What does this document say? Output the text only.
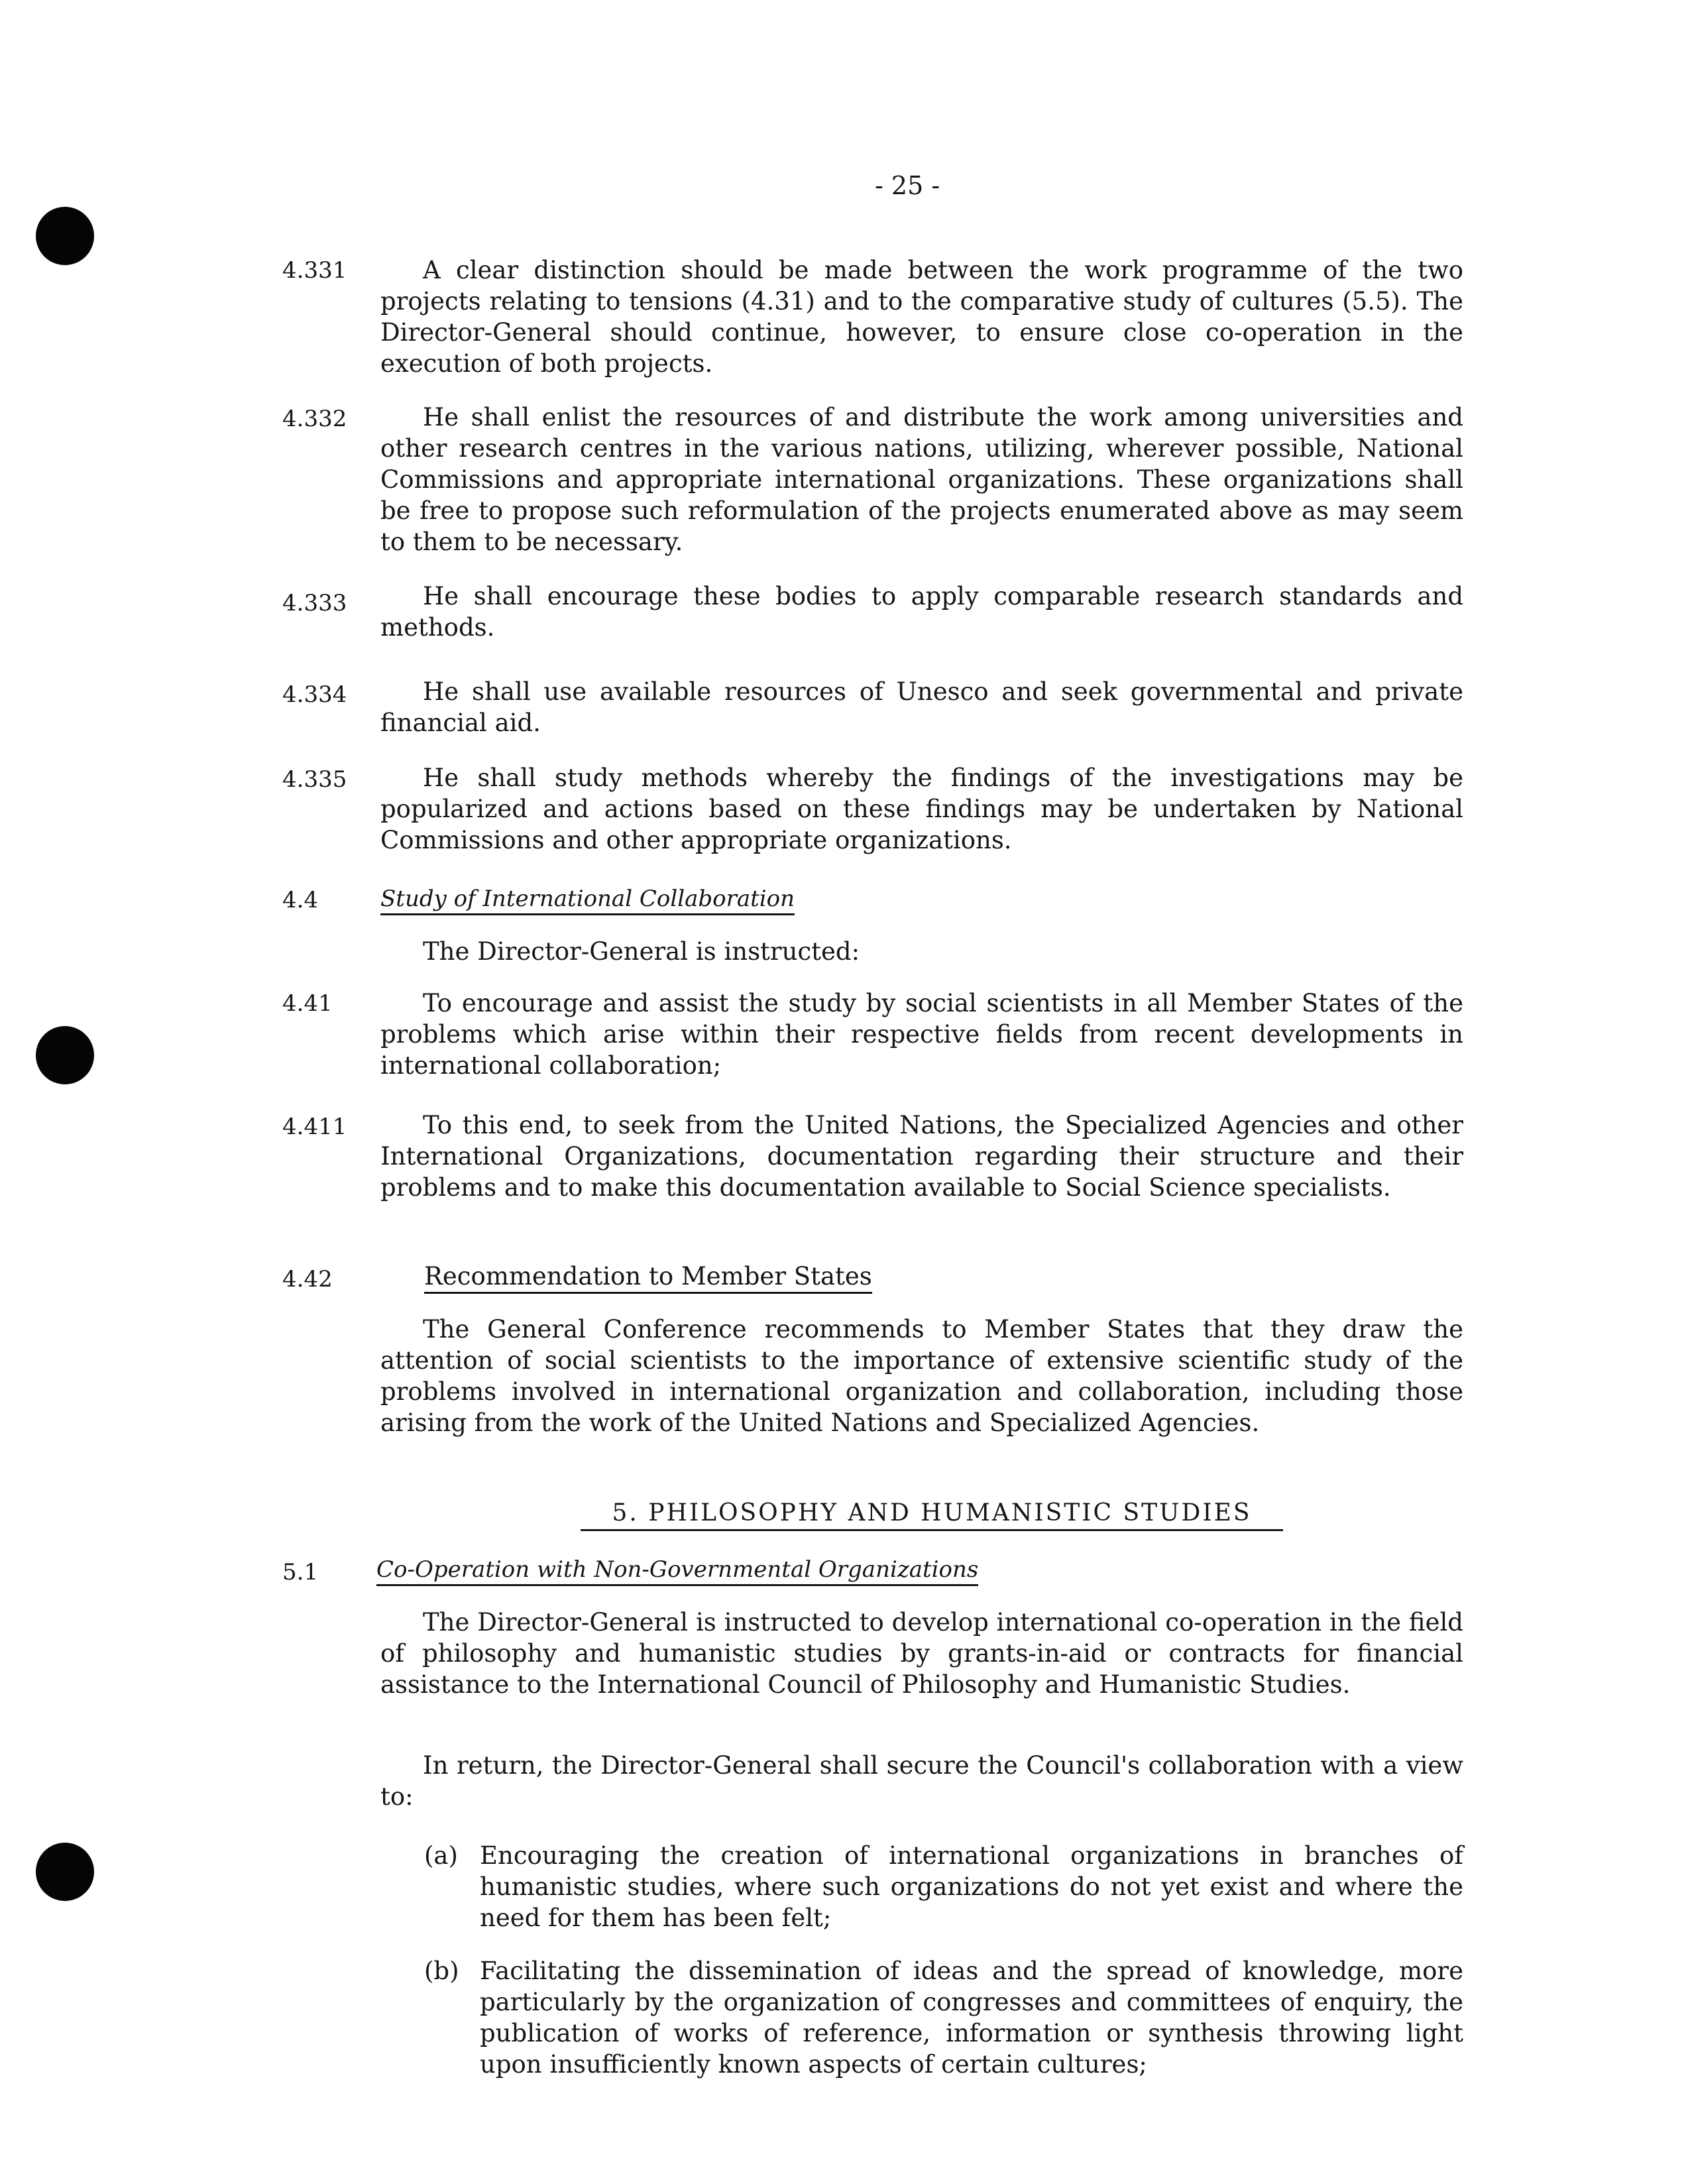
- 25 -
4.331	A clear distinction should be made between the work programme of the two projects relating to tensions (4.31) and to the comparative study of cultures (5.5). The Director-General should continue, however, to ensure close co-operation in the execution of both projects.
4.332	He shall enlist the resources of and distribute the work among universities and other research centres in the various nations, utilizing, wherever possible, National Commissions and appropriate international organizations. These organizations shall be free to propose such reformulation of the projects enumerated above as may seem to them to be necessary.
4.333	He shall encourage these bodies to apply comparable research standards and methods.
4.334	He shall use available resources of Unesco and seek governmental and private financial aid.
4.335	He shall study methods whereby the findings of the investigations may be popularized and actions based on these findings may be undertaken by National Commissions and other appropriate organizations.
4.4	Study of International Collaboration
The Director-General is instructed:
4.41	To encourage and assist the study by social scientists in all Member States of the problems which arise within their respective fields from recent developments in international collaboration;
4.411	To this end, to seek from the United Nations, the Specialized Agencies and other International Organizations, documentation regarding their structure and their problems and to make this documentation available to Social Science specialists.
4.42	Recommendation to Member States
The General Conference recommends to Member States that they draw the attention of social scientists to the importance of extensive scientific study of the problems involved in international organization and collaboration, including those arising from the work of the United Nations and Specialized Agencies.
5. PHILOSOPHY AND HUMANISTIC STUDIES
5.1	Co-Operation with Non-Governmental Organizations
The Director-General is instructed to develop international co-operation in the field of philosophy and humanistic studies by grants-in-aid or contracts for financial assistance to the International Council of Philosophy and Humanistic Studies.
In return, the Director-General shall secure the Council's collaboration with a view to:
(a) Encouraging the creation of international organizations in branches of humanistic studies, where such organizations do not yet exist and where the need for them has been felt;
(b) Facilitating the dissemination of ideas and the spread of knowledge, more particularly by the organization of congresses and committees of enquiry, the publication of works of reference, information or synthesis throwing light upon insufficiently known aspects of certain cultures;
